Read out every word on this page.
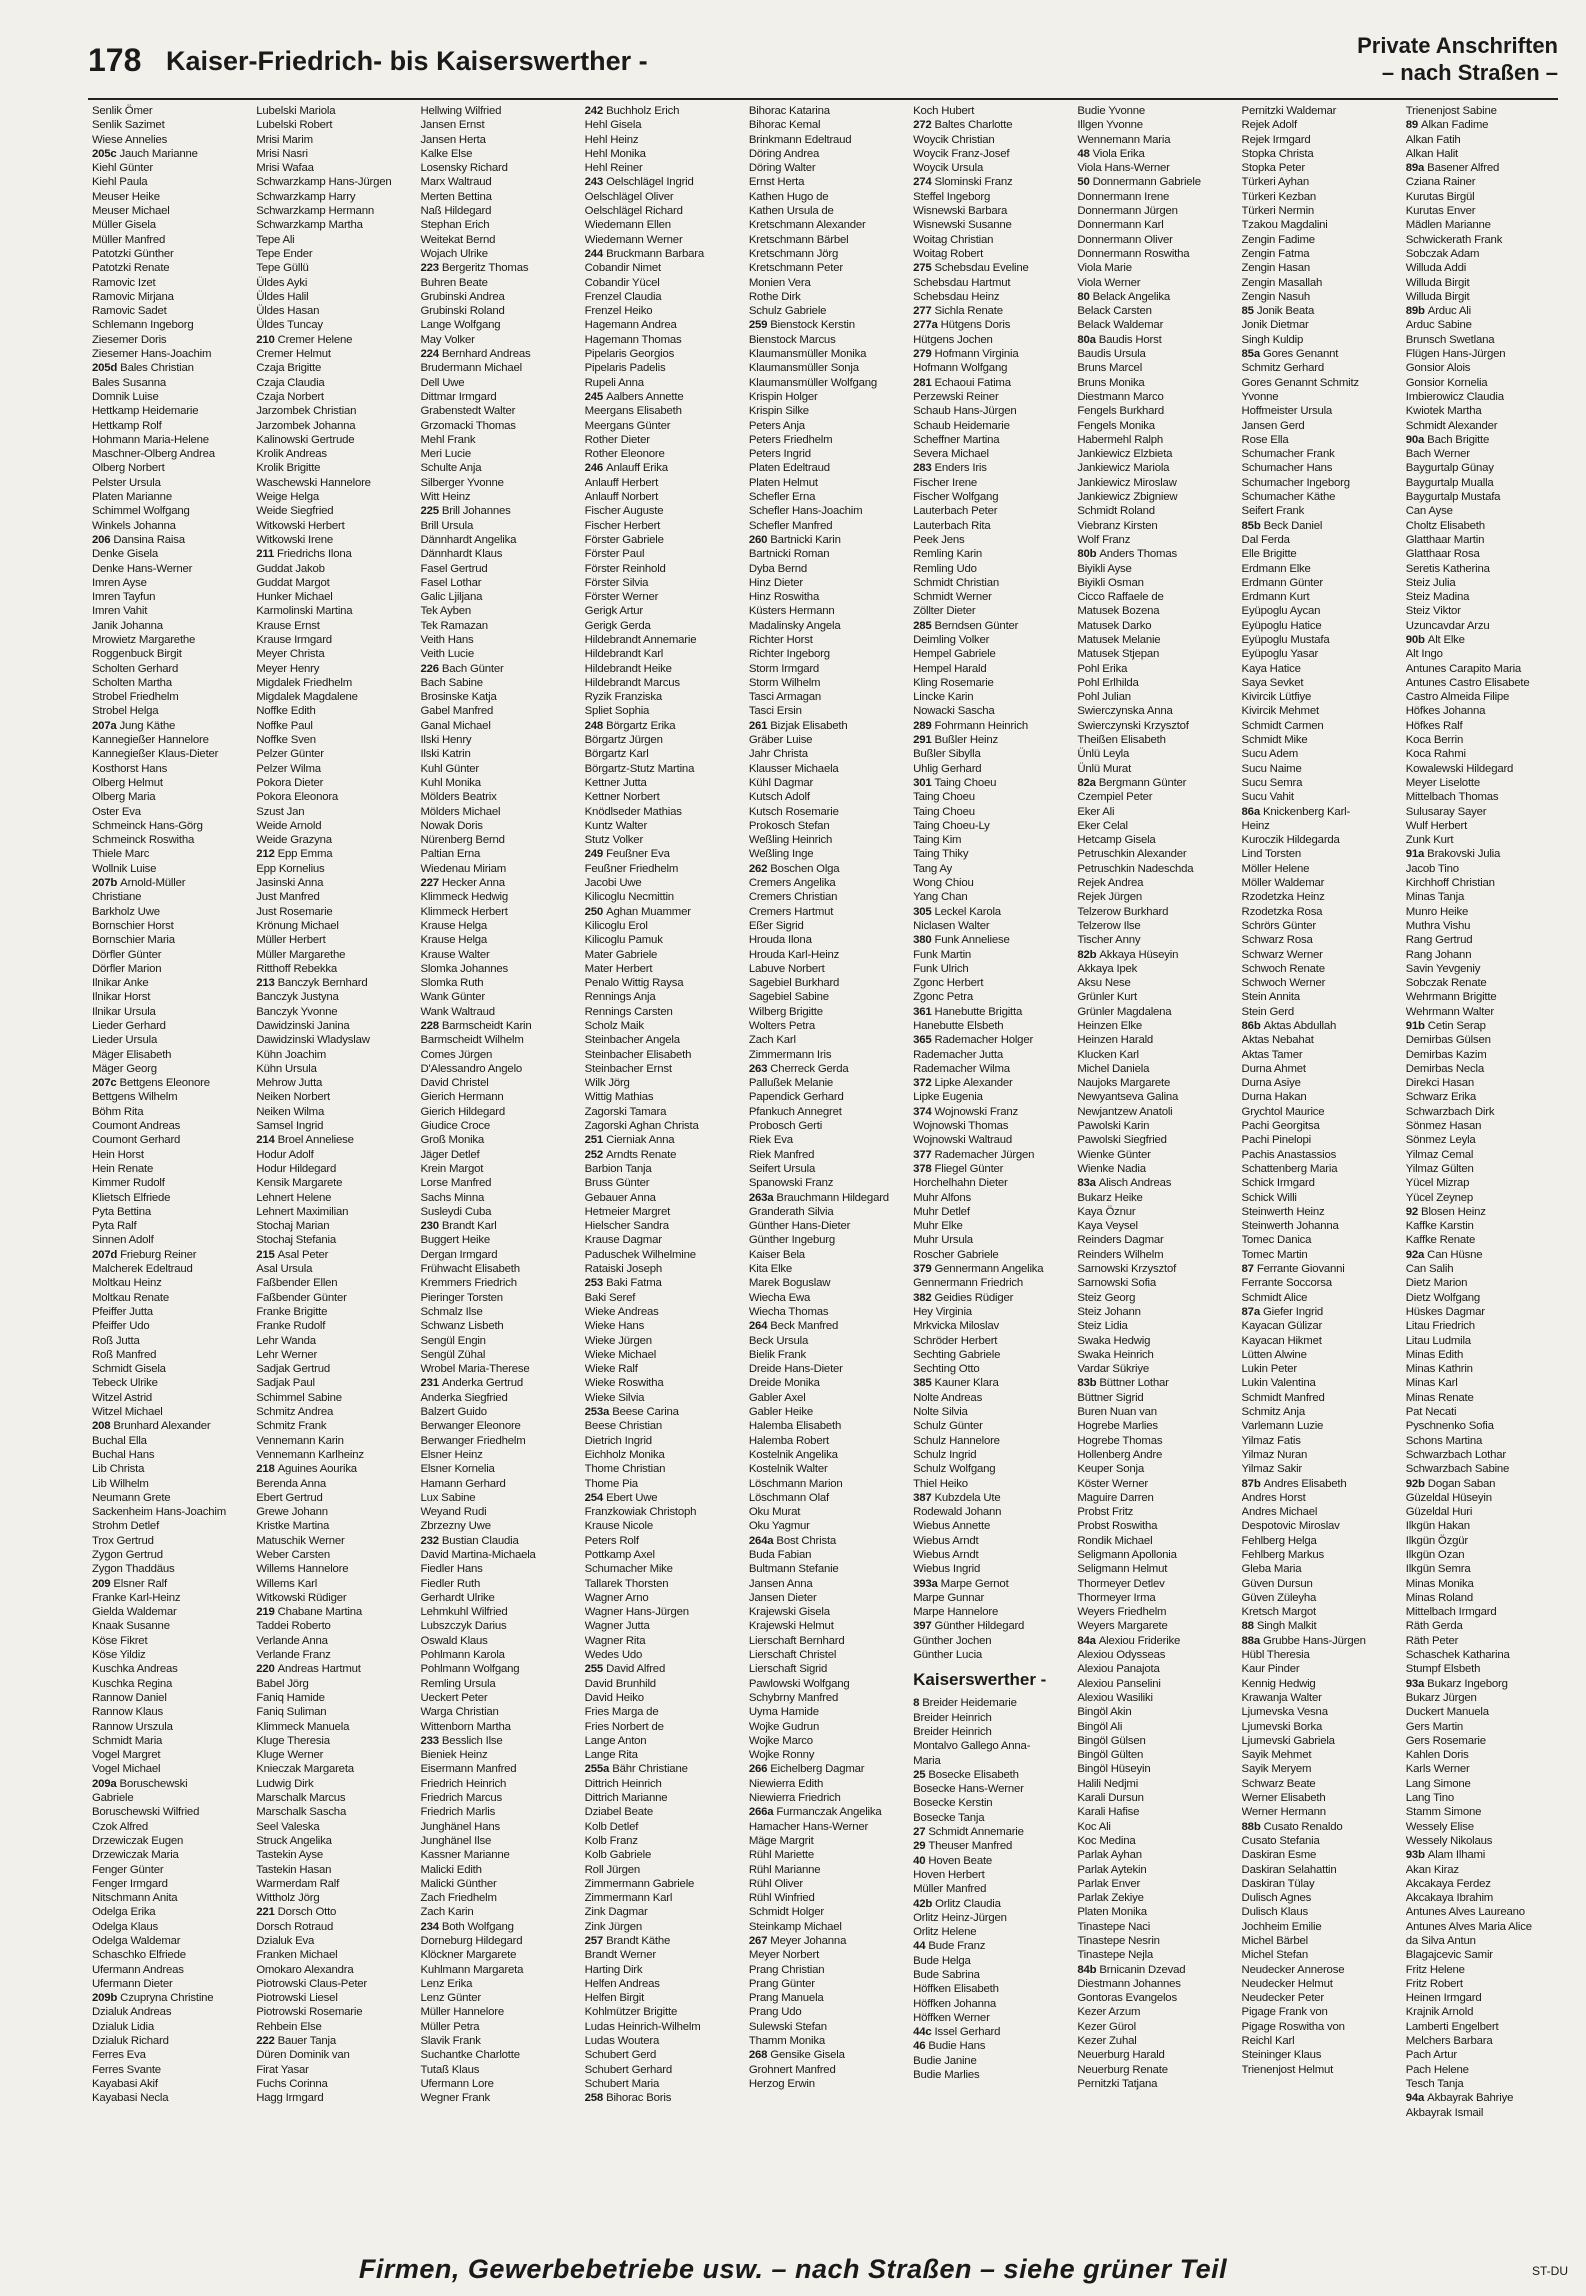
178 Kaiser-Friedrich- bis Kaiserswerther -
Private Anschriften
– nach Straßen –
Senlik Ömer
Senlik Sazimet
Wiese Annelies
205c Jauch Marianne
Kiehl Günter
Kiehl Paula
Meuser Heike
Meuser Michael
Müller Gisela
Müller Manfred
Patotzki Günther
Patotzki Renate
Ramovic Izet
Ramovic Mirjana
Ramovic Sadet
Schlemann Ingeborg
Ziesemer Doris
Ziesemer Hans-Joachim
205d Bales Christian
Bales Susanna
Domnik Luise
Hettkamp Heidemarie
Hettkamp Rolf
Hohmann Maria-Helene
Maschner-Olberg Andrea
Olberg Norbert
Pelster Ursula
Platen Marianne
Schimmel Wolfgang
Winkels Johanna
206 Dansina Raisa
Denke Gisela
Denke Hans-Werner
Imren Ayse
Imren Tayfun
Imren Vahit
Janik Johanna
Mrowietz Margarethe
Roggenbuck Birgit
Scholten Gerhard
Scholten Martha
Strobel Friedhelm
Strobel Helga
207a Jung Käthe
Kannegießer Hannelore
Kannegießer Klaus-Dieter
Kosthorst Hans
Olberg Helmut
Olberg Maria
Oster Eva
Schmeinck Hans-Görg
Schmeinck Roswitha
Thiele Marc
Wollnik Luise
207b Arnold-Müller
Christiane
Barkholz Uwe
Bornschier Horst
Bornschier Maria
Dörfler Günter
Dörfler Marion
Ilnikar Anke
Ilnikar Horst
Ilnikar Ursula
Lieder Gerhard
Lieder Ursula
Mäger Elisabeth
Mäger Georg
207c Bettgens Eleonore
Bettgens Wilhelm
Böhm Rita
Coumont Andreas
Coumont Gerhard
Hein Horst
Hein Renate
Kimmer Rudolf
Klietsch Elfriede
Pyta Bettina
Pyta Ralf
Sinnen Adolf
207d Frieburg Reiner
Malcherek Edeltraud
Moltkau Heinz
Moltkau Renate
Pfeiffer Jutta
Pfeiffer Udo
Roß Jutta
Roß Manfred
Schmidt Gisela
Tebeck Ulrike
Witzel Astrid
Witzel Michael
208 Brunhard Alexander
Buchal Ella
Buchal Hans
Lib Christa
Lib Wilhelm
Neumann Grete
Sackenheim Hans-Joachim
Strohm Detlef
Trox Gertrud
Zygon Gertrud
Zygon Thaddäus
209 Elsner Ralf
Franke Karl-Heinz
Gielda Waldemar
Knaak Susanne
Köse Fikret
Köse Yildiz
Kuschka Andreas
Kuschka Regina
Rannow Daniel
Rannow Klaus
Rannow Urszula
Schmidt Maria
Vogel Margret
Vogel Michael
209a Boruschewski
Gabriele
Boruschewski Wilfried
Czok Alfred
Drzewiczak Eugen
Drzewiczak Maria
Fenger Günter
Fenger Irmgard
Nitschmann Anita
Odelga Erika
Odelga Klaus
Odelga Waldemar
Schaschko Elfriede
Ufermann Andreas
Ufermann Dieter
209b Czupryna Christine
Dzialuk Andreas
Dzialuk Lidia
Dzialuk Richard
Ferres Eva
Ferres Svante
Kayabasi Akif
Kayabasi Necla
Lubelski Mariola
Lubelski Robert
Mrisi Marim
Mrisi Nasri
Mrisi Wafaa
Schwarzkamp Hans-Jürgen
Schwarzkamp Harry
Schwarzkamp Hermann
Schwarzkamp Martha
Tepe Ali
Tepe Ender
Tepe Güllü
Üldes Ayki
Üldes Halil
Üldes Hasan
Üldes Tuncay
210 Cremer Helene
Cremer Helmut
Czaja Brigitte
Czaja Claudia
Czaja Norbert
Jarzombek Christian
Jarzombek Johanna
Kalinowski Gertrude
Krolik Andreas
Krolik Brigitte
Waschewski Hannelore
Weige Helga
Weide Siegfried
Witkowski Herbert
Witkowski Irene
211 Friedrichs Ilona
Guddat Jakob
Guddat Margot
Hunker Michael
Karmolinski Martina
Krause Ernst
Krause Irmgard
Meyer Christa
Meyer Henry
Migdalek Friedhelm
Migdalek Magdalene
Noffke Edith
Noffke Paul
Noffke Sven
Pelzer Günter
Pelzer Wilma
Pokora Dieter
Pokora Eleonora
Szust Jan
Weide Arnold
Weide Grazyna
212 Epp Emma
Epp Kornelius
Jasinski Anna
Just Manfred
Just Rosemarie
Krönung Michael
Müller Herbert
Müller Margarethe
Ritthoff Rebekka
213 Banczyk Bernhard
Banczyk Justyna
Banczyk Yvonne
Dawidzinski Janina
Dawidzinski Wladyslaw
Kühn Joachim
Kühn Ursula
Mehrow Jutta
Neiken Norbert
Neiken Wilma
Samsel Ingrid
214 Broel Anneliese
Hodur Adolf
Hodur Hildegard
Kensik Margarete
Lehnert Helene
Lehnert Maximilian
Stochaj Marian
Stochaj Stefania
215 Asal Peter
Asal Ursula
Faßbender Ellen
Faßbender Günter
Franke Brigitte
Franke Rudolf
Lehr Wanda
Lehr Werner
Sadjak Gertrud
Sadjak Paul
Schimmel Sabine
Schmitz Andrea
Schmitz Frank
Vennemann Karin
Vennemann Karlheinz
218 Aguines Aourika
Berenda Anna
Ebert Gertrud
Grewe Johann
Kristke Martina
Matuschik Werner
Weber Carsten
Willems Hannelore
Willems Karl
Witkowski Rüdiger
219 Chabane Martina
Taddei Roberto
Verlande Anna
Verlande Franz
220 Andreas Hartmut
Babel Jörg
Faniq Hamide
Faniq Suliman
Klimmeck Manuela
Kluge Theresia
Kluge Werner
Knieczak Margareta
Ludwig Dirk
Marschalk Marcus
Marschalk Sascha
Seel Valeska
Struck Angelika
Tastekin Ayse
Tastekin Hasan
Warmerdam Ralf
Wittholz Jörg
221 Dorsch Otto
Dorsch Rotraud
Dzialuk Eva
Franken Michael
Omokaro Alexandra
Piotrowski Claus-Peter
Piotrowski Liesel
Piotrowski Rosemarie
Rehbein Else
222 Bauer Tanja
Düren Dominik van
Firat Yasar
Fuchs Corinna
Hagg Irmgard
Hellwing Wilfried
Jansen Ernst
Jansen Herta
Kalke Else
Losensky Richard
Marx Waltraud
Merten Bettina
Naß Hildegard
Stephan Erich
Weitekat Bernd
Wojach Ulrike
223 Bergeritz Thomas
Buhren Beate
Grubinski Andrea
Grubinski Roland
Lange Wolfgang
May Volker
224 Bernhard Andreas
Brudermann Michael
Dell Uwe
Dittmar Irmgard
Grabenstedt Walter
Grzomacki Thomas
Mehl Frank
Meri Lucie
Schulte Anja
Silberger Yvonne
Witt Heinz
225 Brill Johannes
Brill Ursula
Dännhardt Angelika
Dännhardt Klaus
Fasel Gertrud
Fasel Lothar
Galic Ljiljana
Tek Ayben
Tek Ramazan
Veith Hans
Veith Lucie
226 Bach Günter
Bach Sabine
Brosinske Katja
Gabel Manfred
Ganal Michael
Ilski Henry
Ilski Katrin
Kuhl Günter
Kuhl Monika
Mölders Beatrix
Mölders Michael
Nowak Doris
Nürenberg Bernd
Paltian Erna
Wiedenau Miriam
227 Hecker Anna
Klimmeck Hedwig
Klimmeck Herbert
Krause Helga
Krause Helga
Krause Walter
Slomka Johannes
Slomka Ruth
Wank Günter
Wank Waltraud
228 Barmscheidt Karin
Barmscheidt Wilhelm
Comes Jürgen
D'Alessandro Angelo
David Christel
Gierich Hermann
Gierich Hildegard
Giudice Croce
Groß Monika
Jäger Detlef
Krein Margot
Lorse Manfred
Sachs Minna
Susleydi Cuba
230 Brandt Karl
Buggert Heike
Dergan Irmgard
Frühwacht Elisabeth
Kremmers Friedrich
Pieringer Torsten
Schmalz Ilse
Schwanz Lisbeth
Sengül Engin
Sengül Zühal
Wrobel Maria-Therese
231 Anderka Gertrud
Anderka Siegfried
Balzert Guido
Berwanger Eleonore
Berwanger Friedhelm
Elsner Heinz
Elsner Kornelia
Hamann Gerhard
Lux Sabine
Weyand Rudi
Zbrzezny Uwe
232 Bustian Claudia
David Martina-Michaela
Fiedler Hans
Fiedler Ruth
Gerhardt Ulrike
Lehmkuhl Wilfried
Lubszczyk Darius
Oswald Klaus
Pohlmann Karola
Pohlmann Wolfgang
Remling Ursula
Ueckert Peter
Warga Christian
Wittenborn Martha
233 Besslich Ilse
Bieniek Heinz
Eisermann Manfred
Friedrich Heinrich
Friedrich Marcus
Friedrich Marlis
Junghänel Hans
Junghänel Ilse
Kassner Marianne
Malicki Edith
Malicki Günther
Zach Friedhelm
Zach Karin
234 Both Wolfgang
Dorneburg Hildegard
Klöckner Margarete
Kuhlmann Margareta
Lenz Erika
Lenz Günter
Müller Hannelore
Müller Petra
Slavik Frank
Suchantke Charlotte
Tutaß Klaus
Ufermann Lore
Wegner Frank
242 Buchholz Erich
Hehl Gisela
Hehl Heinz
Hehl Monika
Hehl Reiner
243 Oelschlägel Ingrid
Oelschlägel Oliver
Oelschlägel Richard
Wiedemann Ellen
Wiedemann Werner
244 Bruckmann Barbara
Cobandir Nimet
Cobandir Yücel
Frenzel Claudia
Frenzel Heiko
Hagemann Andrea
Hagemann Thomas
Pipelaris Georgios
Pipelaris Padelis
Rupeli Anna
245 Aalbers Annette
Meergans Elisabeth
Meergans Günter
Rother Dieter
Rother Eleonore
246 Anlauff Erika
Anlauff Herbert
Anlauff Norbert
Fischer Auguste
Fischer Herbert
Förster Gabriele
Förster Paul
Förster Reinhold
Förster Silvia
Förster Werner
Gerigk Artur
Gerigk Gerda
Hildebrandt Annemarie
Hildebrandt Karl
Hildebrandt Heike
Hildebrandt Marcus
Ryzik Franziska
Spliet Sophia
248 Börgartz Erika
Börgartz Jürgen
Börgartz Karl
Börgartz-Stutz Martina
Kettner Jutta
Kettner Norbert
Knödlseder Mathias
Kuntz Walter
Stutz Volker
249 Feußner Eva
Feußner Friedhelm
Jacobi Uwe
Kilicoglu Necmittin
250 Aghan Muammer
Kilicoglu Erol
Kilicoglu Pamuk
Mater Gabriele
Mater Herbert
Penalo Wittig Raysa
Rennings Anja
Rennings Carsten
Scholz Maik
Steinbacher Angela
Steinbacher Elisabeth
Steinbacher Ernst
Wilk Jörg
Wittig Mathias
Zagorski Tamara
Zagorski Aghan Christa
251 Cierniak Anna
252 Arndts Renate
Barbion Tanja
Bruss Günter
Gebauer Anna
Hetmeier Margret
Hielscher Sandra
Krause Dagmar
Paduschek Wilhelmine
Rataiski Joseph
253 Baki Fatma
Baki Seref
Wieke Andreas
Wieke Hans
Wieke Jürgen
Wieke Michael
Wieke Ralf
Wieke Roswitha
Wieke Silvia
253a Beese Carina
Beese Christian
Dietrich Ingrid
Eichholz Monika
Thome Christian
Thome Pia
254 Ebert Uwe
Franzkowiak Christoph
Krause Nicole
Peters Rolf
Pottkamp Axel
Schumacher Mike
Tallarek Thorsten
Wagner Arno
Wagner Hans-Jürgen
Wagner Jutta
Wagner Rita
Wedes Udo
255 David Alfred
David Brunhild
David Heiko
Fries Marga de
Fries Norbert de
Lange Anton
Lange Rita
255a Bähr Christiane
Dittrich Heinrich
Dittrich Marianne
Dziabel Beate
Kolb Detlef
Kolb Franz
Kolb Gabriele
Roll Jürgen
Zimmermann Gabriele
Zimmermann Karl
Zink Dagmar
Zink Jürgen
257 Brandt Käthe
Brandt Werner
Harting Dirk
Helfen Andreas
Helfen Birgit
Kohlmützer Brigitte
Ludas Heinrich-Wilhelm
Ludas Woutera
Schubert Gerd
Schubert Gerhard
Schubert Maria
258 Bihorac Boris
Bihorac Katarina
Bihorac Kemal
Brinkmann Edeltraud
Döring Andrea
Döring Walter
Ernst Herta
Kathen Hugo de
Kathen Ursula de
Kretschmann Alexander
Kretschmann Bärbel
Kretschmann Jörg
Kretschmann Peter
Monien Vera
Rothe Dirk
Schulz Gabriele
259 Bienstock Kerstin
Bienstock Marcus
Klaumansmüller Monika
Klaumansmüller Sonja
Klaumansmüller Wolfgang
Krispin Holger
Krispin Silke
Peters Anja
Peters Friedhelm
Peters Ingrid
Platen Edeltraud
Platen Helmut
Schefler Erna
Schefler Hans-Joachim
Schefler Manfred
260 Bartnicki Karin
Bartnicki Roman
Dyba Bernd
Hinz Dieter
Hinz Roswitha
Küsters Hermann
Madalinsky Angela
Richter Horst
Richter Ingeborg
Storm Irmgard
Storm Wilhelm
Tasci Armagan
Tasci Ersin
261 Bizjak Elisabeth
Gräber Luise
Jahr Christa
Klausser Michaela
Kühl Dagmar
Kutsch Adolf
Kutsch Rosemarie
Prokosch Stefan
Weßling Heinrich
Weßling Inge
262 Boschen Olga
Cremers Angelika
Cremers Christian
Cremers Hartmut
Eßer Sigrid
Hrouda Ilona
Hrouda Karl-Heinz
Labuve Norbert
Sagebiel Burkhard
Sagebiel Sabine
Wilberg Brigitte
Wolters Petra
Zach Karl
Zimmermann Iris
263 Cherreck Gerda
Pallußek Melanie
Papendick Gerhard
Pfankuch Annegret
Probosch Gerti
Riek Eva
Riek Manfred
Seifert Ursula
Spanowski Franz
263a Brauchmann Hildegard
Granderath Silvia
Günther Hans-Dieter
Günther Ingeburg
Kaiser Bela
Kita Elke
Marek Boguslaw
Wiecha Ewa
Wiecha Thomas
264 Beck Manfred
Beck Ursula
Bielik Frank
Dreide Hans-Dieter
Dreide Monika
Gabler Axel
Gabler Heike
Halemba Elisabeth
Halemba Robert
Kostelnik Angelika
Kostelnik Walter
Löschmann Marion
Löschmann Olaf
Oku Murat
Oku Yagmur
264a Bost Christa
Buda Fabian
Bultmann Stefanie
Jansen Anna
Jansen Dieter
Krajewski Gisela
Krajewski Helmut
Lierschaft Bernhard
Lierschaft Christel
Lierschaft Sigrid
Pawlowski Wolfgang
Schybrny Manfred
Uyma Hamide
Wojke Gudrun
Wojke Marco
Wojke Ronny
266 Eichelberg Dagmar
Niewierra Edith
Niewierra Friedrich
266a Furmanczak Angelika
Hamacher Hans-Werner
Mäge Margrit
Rühl Mariette
Rühl Marianne
Rühl Oliver
Rühl Winfried
Schmidt Holger
Steinkamp Michael
267 Meyer Johanna
Meyer Norbert
Prang Christian
Prang Günter
Prang Manuela
Prang Udo
Sulewski Stefan
Thamm Monika
268 Gensike Gisela
Grohnert Manfred
Herzog Erwin
Koch Hubert
272 Baltes Charlotte
Woycik Christian
Woycik Franz-Josef
Woycik Ursula
274 Slominski Franz
Steffel Ingeborg
Wisnewski Barbara
Wisnewski Susanne
Woitag Christian
Woitag Robert
275 Schebsdau Eveline
Schebsdau Hartmut
Schebsdau Heinz
277 Sichla Renate
277a Hütgens Doris
Hütgens Jochen
279 Hofmann Virginia
Hofmann Wolfgang
281 Echaoui Fatima
Perzewski Reiner
Schaub Hans-Jürgen
Schaub Heidemarie
Scheffner Martina
Severa Michael
283 Enders Iris
Fischer Irene
Fischer Wolfgang
Lauterbach Peter
Lauterbach Rita
Peek Jens
Remling Karin
Remling Udo
Schmidt Christian
Schmidt Werner
Zöllter Dieter
285 Berndsen Günter
Deimling Volker
Hempel Gabriele
Hempel Harald
Kling Rosemarie
Lincke Karin
Nowacki Sascha
289 Fohrmann Heinrich
291 Bußler Heinz
Bußler Sibylla
Uhlig Gerhard
301 Taing Choeu
Taing Choeu
Taing Choeu
Taing Choeu-Ly
Taing Kim
Taing Thiky
Tang Ay
Wong Chiou
Yang Chan
305 Leckel Karola
Niclasen Walter
380 Funk Anneliese
Funk Martin
Funk Ulrich
Zgonc Herbert
Zgonc Petra
361 Hanebutte Brigitta
Hanebutte Elsbeth
365 Rademacher Holger
Rademacher Jutta
Rademacher Wilma
372 Lipke Alexander
Lipke Eugenia
374 Wojnowski Franz
Wojnowski Thomas
Wojnowski Waltraud
377 Rademacher Jürgen
378 Fliegel Günter
Horchelhahn Dieter
Muhr Alfons
Muhr Detlef
Muhr Elke
Muhr Ursula
Roscher Gabriele
379 Gennermann Angelika
Gennermann Friedrich
382 Geidies Rüdiger
Hey Virginia
Mrkvicka Miloslav
Schröder Herbert
Sechting Gabriele
Sechting Otto
385 Kauner Klara
Nolte Andreas
Nolte Silvia
Schulz Günter
Schulz Hannelore
Schulz Ingrid
Schulz Wolfgang
Thiel Heiko
387 Kubzdela Ute
Rodewald Johann
Wiebus Annette
Wiebus Arndt
Wiebus Arndt
Wiebus Ingrid
393a Marpe Gernot
Marpe Gunnar
Marpe Hannelore
397 Günther Hildegard
Günther Jochen
Günther Lucia
Kaiserswerther -
8 Breider Heidemarie
Breider Heinrich
Breider Heinrich
Montalvo Gallego Anna-
Maria
25 Bosecke Elisabeth
Bosecke Hans-Werner
Bosecke Kerstin
Bosecke Tanja
27 Schmidt Annemarie
29 Theuser Manfred
40 Hoven Beate
Hoven Herbert
Müller Manfred
42b Orlitz Claudia
Orlitz Heinz-Jürgen
Orlitz Helene
44 Bude Franz
Bude Helga
Bude Sabrina
Höffken Elisabeth
Höffken Johanna
Höffken Werner
44c Issel Gerhard
46 Budie Hans
Budie Janine
Budie Marlies
Budie Yvonne
Illgen Yvonne
Wennemann Maria
48 Viola Erika
Viola Hans-Werner
50 Donnermann Gabriele
Donnermann Irene
Donnermann Jürgen
Donnermann Karl
Donnermann Oliver
Donnermann Roswitha
Viola Marie
Viola Werner
80 Belack Angelika
Belack Carsten
Belack Waldemar
80a Baudis Horst
Baudis Ursula
Bruns Marcel
Bruns Monika
Diestmann Marco
Fengels Burkhard
Fengels Monika
Habermehl Ralph
Jankiewicz Elzbieta
Jankiewicz Mariola
Jankiewicz Miroslaw
Jankiewicz Zbigniew
Schmidt Roland
Viebranz Kirsten
Wolf Franz
80b Anders Thomas
Biyikli Ayse
Biyikli Osman
Cicco Raffaele de
Matusek Bozena
Matusek Darko
Matusek Melanie
Matusek Stjepan
Pohl Erika
Pohl Erlhilda
Pohl Julian
Swierczynska Anna
Swierczynski Krzysztof
Theißen Elisabeth
Ünlü Leyla
Ünlü Murat
82a Bergmann Günter
Czempiel Peter
Eker Ali
Eker Celal
Hetcamp Gisela
Petruschkin Alexander
Petruschkin Nadeschda
Rejek Andrea
Rejek Jürgen
Telzerow Burkhard
Telzerow Ilse
Tischer Anny
82b Akkaya Hüseyin
Akkaya Ipek
Aksu Nese
Grünler Kurt
Grünler Magdalena
Heinzen Elke
Heinzen Harald
Klucken Karl
Michel Daniela
Naujoks Margarete
Newyantseva Galina
Newjantzew Anatoli
Pawolski Karin
Pawolski Siegfried
Wienke Günter
Wienke Nadia
83a Alisch Andreas
Bukarz Heike
Kaya Öznur
Kaya Veysel
Reinders Dagmar
Reinders Wilhelm
Sarnowski Krzysztof
Sarnowski Sofia
Steiz Georg
Steiz Johann
Steiz Lidia
Swaka Hedwig
Swaka Heinrich
Vardar Sükriye
83b Büttner Lothar
Büttner Sigrid
Buren Nuan van
Hogrebe Marlies
Hogrebe Thomas
Hollenberg Andre
Keuper Sonja
Köster Werner
Maguire Darren
Probst Fritz
Probst Roswitha
Rondik Michael
Seligmann Apollonia
Seligmann Helmut
Thormeyer Detlev
Thormeyer Irma
Weyers Friedhelm
Weyers Margarete
84a Alexiou Friderike
Alexiou Odysseas
Alexiou Panajota
Alexiou Panselini
Alexiou Wasiliki
Bingöl Akin
Bingöl Ali
Bingöl Gülsen
Bingöl Gülten
Bingöl Hüseyin
Halili Nedjmi
Karali Dursun
Karali Hafise
Koc Ali
Koc Medina
Parlak Ayhan
Parlak Aytekin
Parlak Enver
Parlak Zekiye
Platen Monika
Tinastepe Naci
Tinastepe Nesrin
Tinastepe Nejla
84b Brnicanin Dzevad
Diestmann Johannes
Gontoras Evangelos
Kezer Arzum
Kezer Gürol
Kezer Zuhal
Neuerburg Harald
Neuerburg Renate
Pernitzki Tatjana
Pernitzki Waldemar
Rejek Adolf
Rejek Irmgard
Stopka Christa
Stopka Peter
Türkeri Ayhan
Türkeri Kezban
Türkeri Nermin
Tzakou Magdalini
Zengin Fadime
Zengin Fatma
Zengin Hasan
Zengin Masallah
Zengin Nasuh
85 Jonik Beata
Jonik Dietmar
Singh Kuldip
85a Gores Genannt
Schmitz Gerhard
Gores Genannt Schmitz
Yvonne
Hoffmeister Ursula
Jansen Gerd
Rose Ella
Schumacher Frank
Schumacher Hans
Schumacher Ingeborg
Schumacher Käthe
Seifert Frank
85b Beck Daniel
Dal Ferda
Elle Brigitte
Erdmann Elke
Erdmann Günter
Erdmann Kurt
Eyüpoglu Aycan
Eyüpoglu Hatice
Eyüpoglu Mustafa
Eyüpoglu Yasar
Kaya Hatice
Saya Sevket
Kivircik Lütfiye
Kivircik Mehmet
Schmidt Carmen
Schmidt Mike
Sucu Adem
Sucu Naime
Sucu Semra
Sucu Vahit
86a Knickenberg Karl-
Heinz
Kuroczik Hildegarda
Lind Torsten
Möller Helene
Möller Waldemar
Rzodetzka Heinz
Rzodetzka Rosa
Schrörs Günter
Schwarz Rosa
Schwarz Werner
Schwoch Renate
Schwoch Werner
Stein Annita
Stein Gerd
86b Aktas Abdullah
Aktas Nebahat
Aktas Tamer
Durna Ahmet
Durna Asiye
Durna Hakan
Grychtol Maurice
Pachi Georgitsa
Pachi Pinelopi
Pachis Anastassios
Schattenberg Maria
Schick Irmgard
Schick Willi
Steinwerth Heinz
Steinwerth Johanna
Tomec Danica
Tomec Martin
87 Ferrante Giovanni
Ferrante Soccorsa
Schmidt Alice
87a Giefer Ingrid
Kayacan Gülizar
Kayacan Hikmet
Lütten Alwine
Lukin Peter
Lukin Valentina
Schmidt Manfred
Schmitz Anja
Varlemann Luzie
Yilmaz Fatis
Yilmaz Nuran
Yilmaz Sakir
87b Andres Elisabeth
Andres Horst
Andres Michael
Despotovic Miroslav
Fehlberg Helga
Fehlberg Markus
Gleba Maria
Güven Dursun
Güven Züleyha
Kretsch Margot
88 Singh Malkit
88a Grubbe Hans-Jürgen
Hübl Theresia
Kaur Pinder
Kennig Hedwig
Krawanja Walter
Ljumevska Vesna
Ljumevski Borka
Ljumevski Gabriela
Sayik Mehmet
Sayik Meryem
Schwarz Beate
Werner Elisabeth
Werner Hermann
88b Cusato Renaldo
Cusato Stefania
Daskiran Esme
Daskiran Selahattin
Daskiran Tülay
Dulisch Agnes
Dulisch Klaus
Jochheim Emilie
Michel Bärbel
Michel Stefan
Neudecker Annerose
Neudecker Helmut
Neudecker Peter
Pigage Frank von
Pigage Roswitha von
Reichl Karl
Steininger Klaus
Trienenjost Helmut
Trienenjost Sabine
89 Alkan Fadime
Alkan Fatih
Alkan Halit
89a Basener Alfred
Cziana Rainer
Kurutas Birgül
Kurutas Enver
Mädlen Marianne
Schwickerath Frank
Sobczak Adam
Willuda Addi
Willuda Birgit
Willuda Birgit
89b Arduc Ali
Arduc Sabine
Brunsch Swetlana
Flügen Hans-Jürgen
Gonsior Alois
Gonsior Kornelia
Imbierowicz Claudia
Kwiotek Martha
Schmidt Alexander
90a Bach Brigitte
Bach Werner
Baygurtalp Günay
Baygurtalp Mualla
Baygurtalp Mustafa
Can Ayse
Choltz Elisabeth
Glatthaar Martin
Glatthaar Rosa
Seretis Katherina
Steiz Julia
Steiz Madina
Steiz Viktor
Uzuncavdar Arzu
90b Alt Elke
Alt Ingo
Antunes Carapito Maria
Antunes Castro Elisabete
Castro Almeida Filipe
Höfkes Johanna
Höfkes Ralf
Koca Berrin
Koca Rahmi
Kowalewski Hildegard
Meyer Liselotte
Mittelbach Thomas
Sulusaray Sayer
Wulf Herbert
Zunk Kurt
91a Brakovski Julia
Jacob Tino
Kirchhoff Christian
Minas Tanja
Munro Heike
Muthra Vishu
Rang Gertrud
Rang Johann
Savin Yevgeniy
Sobczak Renate
Wehrmann Brigitte
Wehrmann Walter
91b Cetin Serap
Demirbas Gülsen
Demirbas Kazim
Demirbas Necla
Direkci Hasan
Schwarz Erika
Schwarzbach Dirk
Sönmez Hasan
Sönmez Leyla
Yilmaz Cemal
Yilmaz Gülten
Yücel Mizrap
Yücel Zeynep
92 Blosen Heinz
Kaffke Karstin
Kaffke Renate
92a Can Hüsne
Can Salih
Dietz Marion
Dietz Wolfgang
Hüskes Dagmar
Litau Friedrich
Litau Ludmila
Minas Edith
Minas Kathrin
Minas Karl
Minas Renate
Pat Necati
Pyschnenko Sofia
Schons Martina
Schwarzbach Lothar
Schwarzbach Sabine
92b Dogan Saban
Güzeldal Hüseyin
Güzeldal Huri
Ilkgün Hakan
Ilkgün Özgür
Ilkgün Ozan
Ilkgün Semra
Minas Monika
Minas Roland
Mittelbach Irmgard
Räth Gerda
Räth Peter
Schaschek Katharina
Stumpf Elsbeth
93a Bukarz Ingeborg
Bukarz Jürgen
Duckert Manuela
Gers Martin
Gers Rosemarie
Kahlen Doris
Karls Werner
Lang Simone
Lang Tino
Stamm Simone
Wessely Elise
Wessely Nikolaus
93b Alam Ilhami
Akan Kiraz
Akcakaya Ferdez
Akcakaya Ibrahim
Antunes Alves Laureano
Antunes Alves Maria Alice
da Silva Antun
Blagajcevic Samir
Fritz Helene
Fritz Robert
Heinen Irmgard
Krajnik Arnold
Lamberti Engelbert
Melchers Barbara
Pach Artur
Pach Helene
Tesch Tanja
94a Akbayrak Bahriye
Akbayrak Ismail
Firmen, Gewerbebetriebe usw. – nach Straßen – siehe grüner Teil	ST-DU
